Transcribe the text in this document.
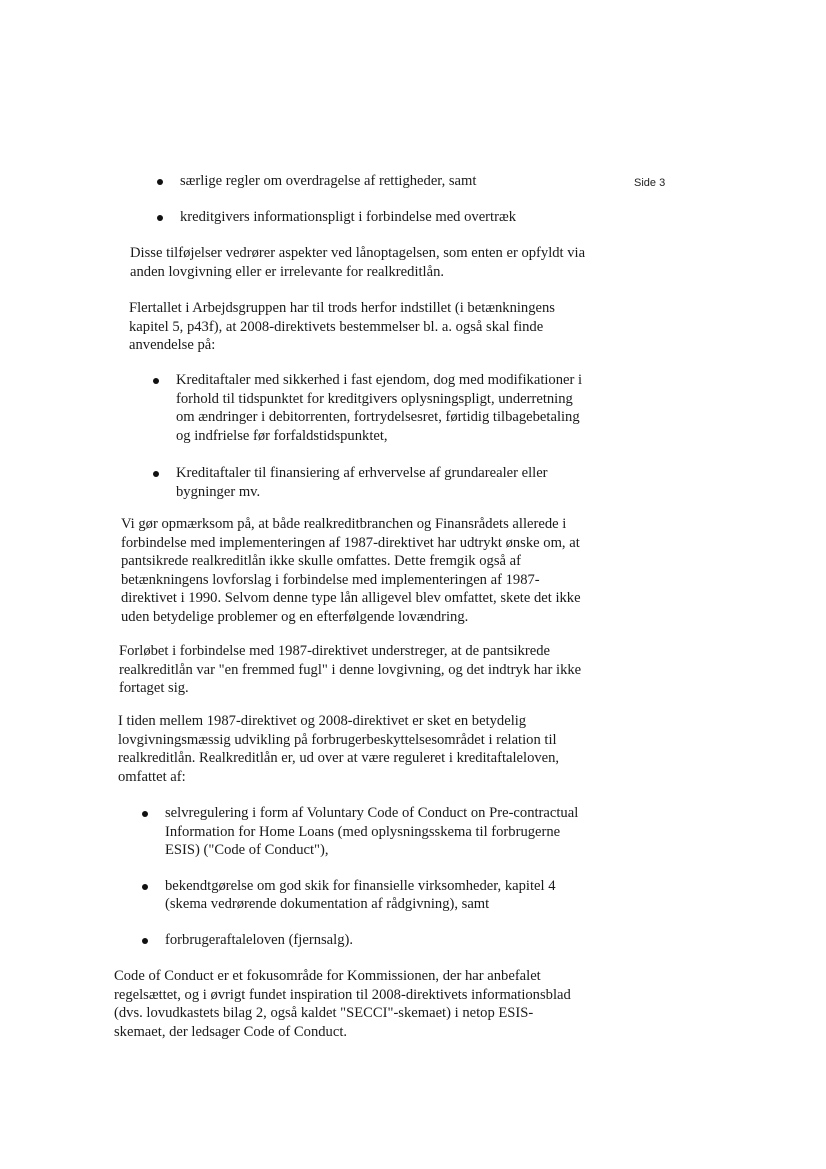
Side 3
særlige regler om overdragelse af rettigheder, samt
kreditgivers informationspligt i forbindelse med overtræk

Disse tilføjelser vedrører aspekter ved lånoptagelsen, som enten er opfyldt via anden lovgivning eller er irrelevante for realkreditlån.

Flertallet i Arbejdsgruppen har til trods herfor indstillet (i betænkningens kapitel 5, p43f), at 2008-direktivets bestemmelser bl. a. også skal finde anvendelse på:

Kreditaftaler med sikkerhed i fast ejendom, dog med modifikationer i forhold til tidspunktet for kreditgivers oplysningspligt, underretning om ændringer i debitorrenten, fortrydelsesret, førtidig tilbagebetaling og indfrielse før forfaldstidspunktet,
Kreditaftaler til finansiering af erhvervelse af grundarealer eller bygninger mv.

Vi gør opmærksom på, at både realkreditbranchen og Finansrådets allerede i forbindelse med implementeringen af 1987-direktivet har udtrykt ønske om, at pantsikrede realkreditlån ikke skulle omfattes. Dette fremgik også af betænkningens lovforslag i forbindelse med implementeringen af 1987-direktivet i 1990. Selvom denne type lån alligevel blev omfattet, skete det ikke uden betydelige problemer og en efterfølgende lovændring.

Forløbet i forbindelse med 1987-direktivet understreger, at de pantsikrede realkreditlån var "en fremmed fugl" i denne lovgivning, og det indtryk har ikke fortaget sig.

I tiden mellem 1987-direktivet og 2008-direktivet er sket en betydelig lovgivningsmæssig udvikling på forbrugerbeskyttelsesområdet i relation til realkreditlån. Realkreditlån er, ud over at være reguleret i kreditaftaleloven, omfattet af:

selvregulering i form af Voluntary Code of Conduct on Pre-contractual Information for Home Loans (med oplysningsskema til forbrugerne ESIS) ("Code of Conduct"),
bekendtgørelse om god skik for finansielle virksomheder, kapitel 4 (skema vedrørende dokumentation af rådgivning), samt
forbrugeraftaleloven (fjernsalg).

Code of Conduct er et fokusområde for Kommissionen, der har anbefalet regelsættet, og i øvrigt fundet inspiration til 2008-direktivets informationsblad (dvs. lovudkastets bilag 2, også kaldet "SECCI"-skemaet) i netop ESIS-skemaet, der ledsager Code of Conduct.
